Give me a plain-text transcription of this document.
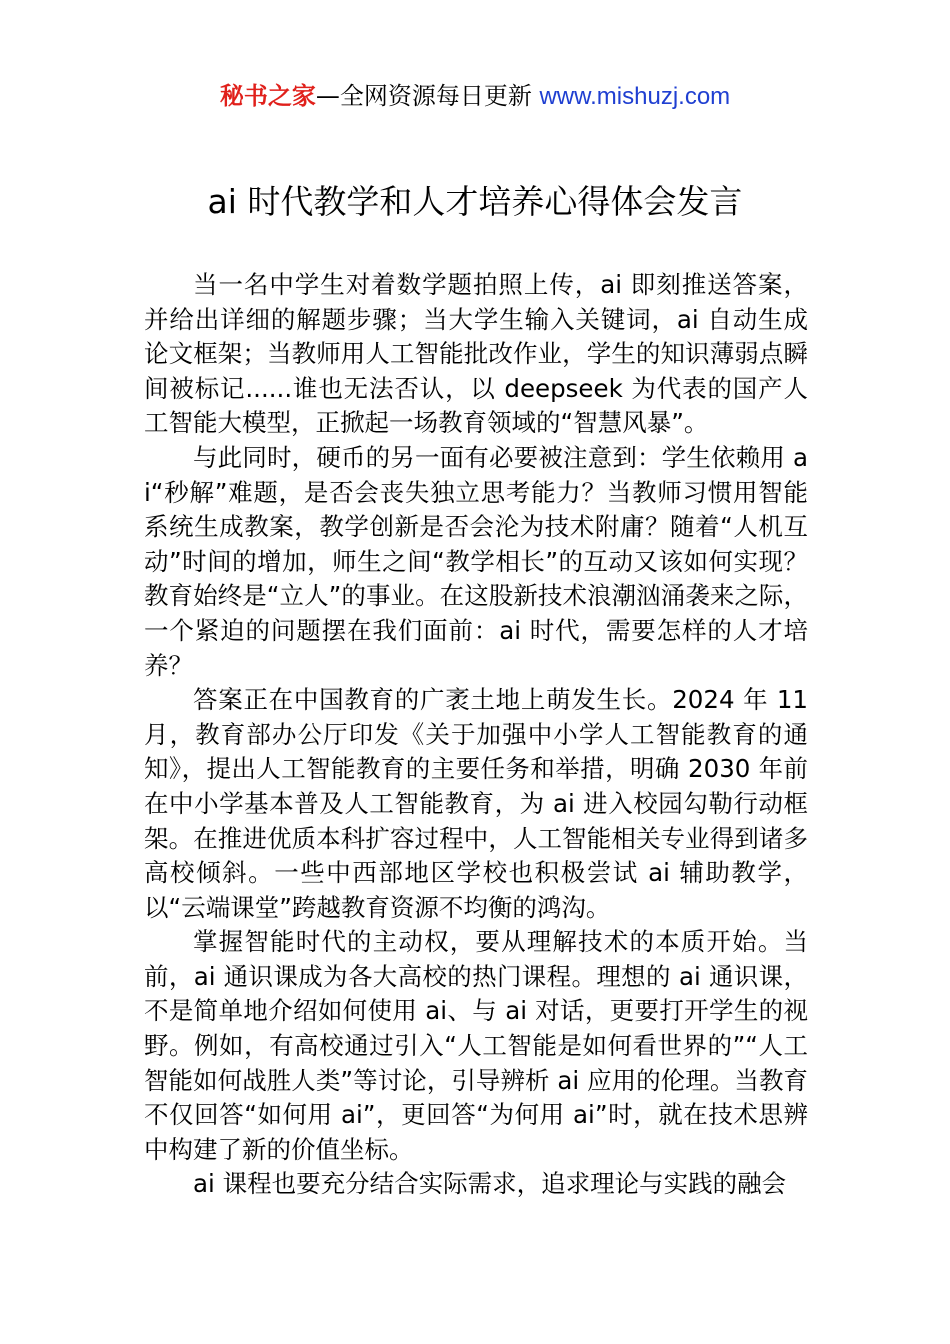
秘书之家—全网资源每日更新 www.mishuzj.com
ai 时代教学和人才培养心得体会发言

当一名中学生对着数学题拍照上传，ai 即刻推送答案，并给出详细的解题步骤；当大学生输入关键词，ai 自动生成论文框架；当教师用人工智能批改作业，学生的知识薄弱点瞬间被标记......谁也无法否认，以 deepseek 为代表的国产人工智能大模型，正掀起一场教育领域的“智慧风暴”。

与此同时，硬币的另一面有必要被注意到：学生依赖用 ai“秒解”难题，是否会丧失独立思考能力？当教师习惯用智能系统生成教案，教学创新是否会沦为技术附庸？随着“人机互动”时间的增加，师生之间“教学相长”的互动又该如何实现？教育始终是“立人”的事业。在这股新技术浪潮汹涌袭来之际，一个紧迫的问题摆在我们面前：ai 时代，需要怎样的人才培养？

答案正在中国教育的广袤土地上萌发生长。2024 年 11 月，教育部办公厅印发《关于加强中小学人工智能教育的通知》，提出人工智能教育的主要任务和举措，明确 2030 年前在中小学基本普及人工智能教育，为 ai 进入校园勾勒行动框架。在推进优质本科扩容过程中，人工智能相关专业得到诸多高校倾斜。一些中西部地区学校也积极尝试 ai 辅助教学，以“云端课堂”跨越教育资源不均衡的鸿沟。

掌握智能时代的主动权，要从理解技术的本质开始。当前，ai 通识课成为各大高校的热门课程。理想的 ai 通识课，不是简单地介绍如何使用 ai、与 ai 对话，更要打开学生的视野。例如，有高校通过引入“人工智能是如何看世界的”“人工智能如何战胜人类”等讨论，引导辨析 ai 应用的伦理。当教育不仅回答“如何用 ai”，更回答“为何用 ai”时，就在技术思辨中构建了新的价值坐标。

ai 课程也要充分结合实际需求，追求理论与实践的融会
